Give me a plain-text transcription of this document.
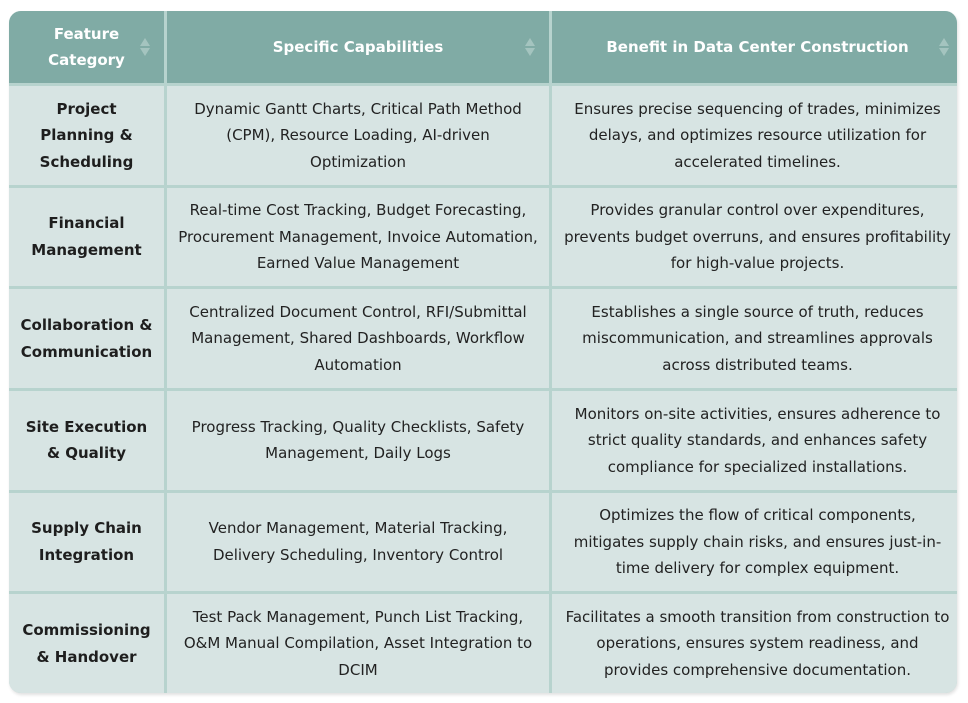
Feature Category	Specific Capabilities	Benefit in Data Center Construction

Project Planning & Scheduling	Dynamic Gantt Charts, Critical Path Method (CPM), Resource Loading, AI-driven Optimization	Ensures precise sequencing of trades, minimizes delays, and optimizes resource utilization for accelerated timelines.
Financial Management	Real-time Cost Tracking, Budget Forecasting, Procurement Management, Invoice Automation, Earned Value Management	Provides granular control over expenditures, prevents budget overruns, and ensures profitability for high-value projects.
Collaboration & Communication	Centralized Document Control, RFI/Submittal Management, Shared Dashboards, Workflow Automation	Establishes a single source of truth, reduces miscommunication, and streamlines approvals across distributed teams.
Site Execution & Quality	Progress Tracking, Quality Checklists, Safety Management, Daily Logs	Monitors on-site activities, ensures adherence to strict quality standards, and enhances safety compliance for specialized installations.
Supply Chain Integration	Vendor Management, Material Tracking, Delivery Scheduling, Inventory Control	Optimizes the flow of critical components, mitigates supply chain risks, and ensures just-in-time delivery for complex equipment.
Commissioning & Handover	Test Pack Management, Punch List Tracking, O&M Manual Compilation, Asset Integration to DCIM	Facilitates a smooth transition from construction to operations, ensures system readiness, and provides comprehensive documentation.
